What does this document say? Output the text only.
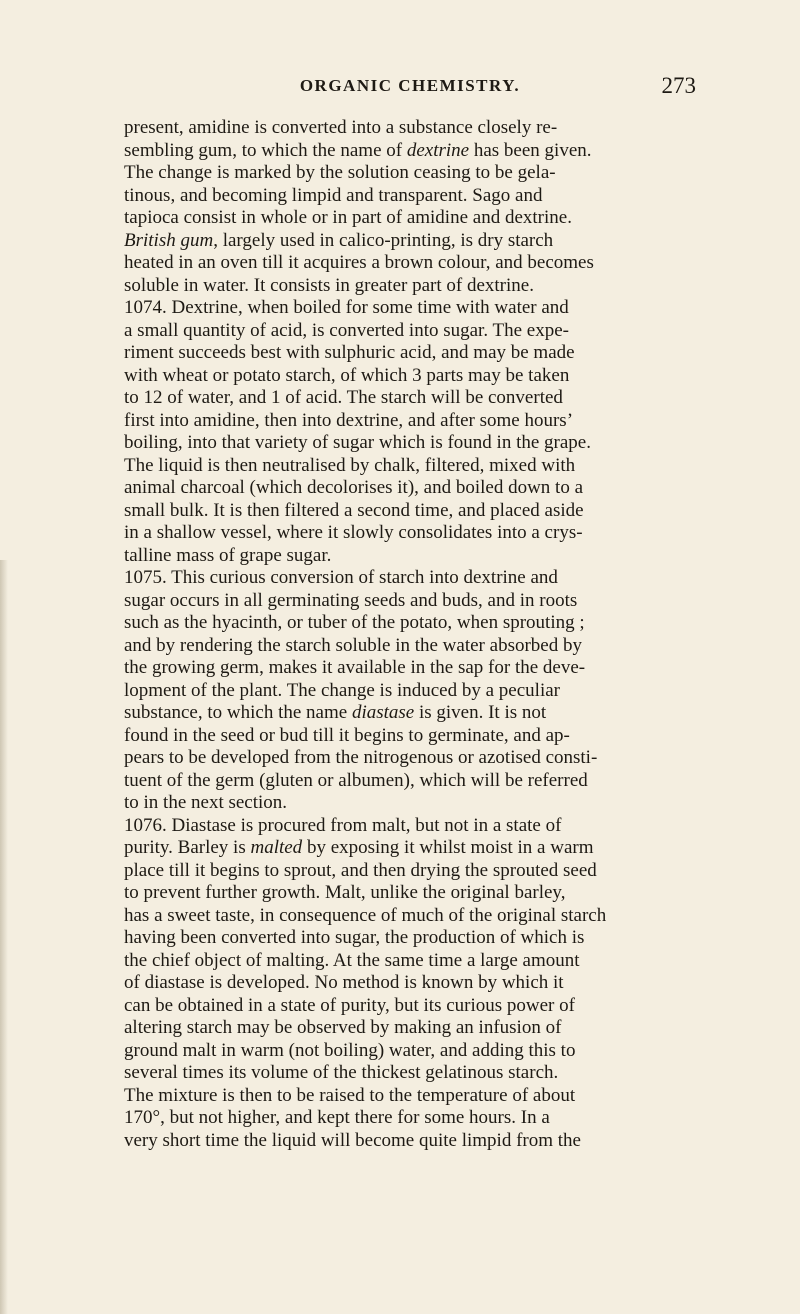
ORGANIC CHEMISTRY.	273
present, amidine is converted into a substance closely re-
sembling gum, to which the name of dextrine has been given.
The change is marked by the solution ceasing to be gela-
tinous, and becoming limpid and transparent. Sago and
tapioca consist in whole or in part of amidine and dextrine.
British gum, largely used in calico-printing, is dry starch
heated in an oven till it acquires a brown colour, and becomes
soluble in water. It consists in greater part of dextrine.
1074. Dextrine, when boiled for some time with water and
a small quantity of acid, is converted into sugar. The expe-
riment succeeds best with sulphuric acid, and may be made
with wheat or potato starch, of which 3 parts may be taken
to 12 of water, and 1 of acid. The starch will be converted
first into amidine, then into dextrine, and after some hours’
boiling, into that variety of sugar which is found in the grape.
The liquid is then neutralised by chalk, filtered, mixed with
animal charcoal (which decolorises it), and boiled down to a
small bulk. It is then filtered a second time, and placed aside
in a shallow vessel, where it slowly consolidates into a crys-
talline mass of grape sugar.
1075. This curious conversion of starch into dextrine and
sugar occurs in all germinating seeds and buds, and in roots
such as the hyacinth, or tuber of the potato, when sprouting ;
and by rendering the starch soluble in the water absorbed by
the growing germ, makes it available in the sap for the deve-
lopment of the plant. The change is induced by a peculiar
substance, to which the name diastase is given. It is not
found in the seed or bud till it begins to germinate, and ap-
pears to be developed from the nitrogenous or azotised consti-
tuent of the germ (gluten or albumen), which will be referred
to in the next section.
1076. Diastase is procured from malt, but not in a state of
purity. Barley is malted by exposing it whilst moist in a warm
place till it begins to sprout, and then drying the sprouted seed
to prevent further growth. Malt, unlike the original barley,
has a sweet taste, in consequence of much of the original starch
having been converted into sugar, the production of which is
the chief object of malting. At the same time a large amount
of diastase is developed. No method is known by which it
can be obtained in a state of purity, but its curious power of
altering starch may be observed by making an infusion of
ground malt in warm (not boiling) water, and adding this to
several times its volume of the thickest gelatinous starch.
The mixture is then to be raised to the temperature of about
170°, but not higher, and kept there for some hours. In a
very short time the liquid will become quite limpid from the
